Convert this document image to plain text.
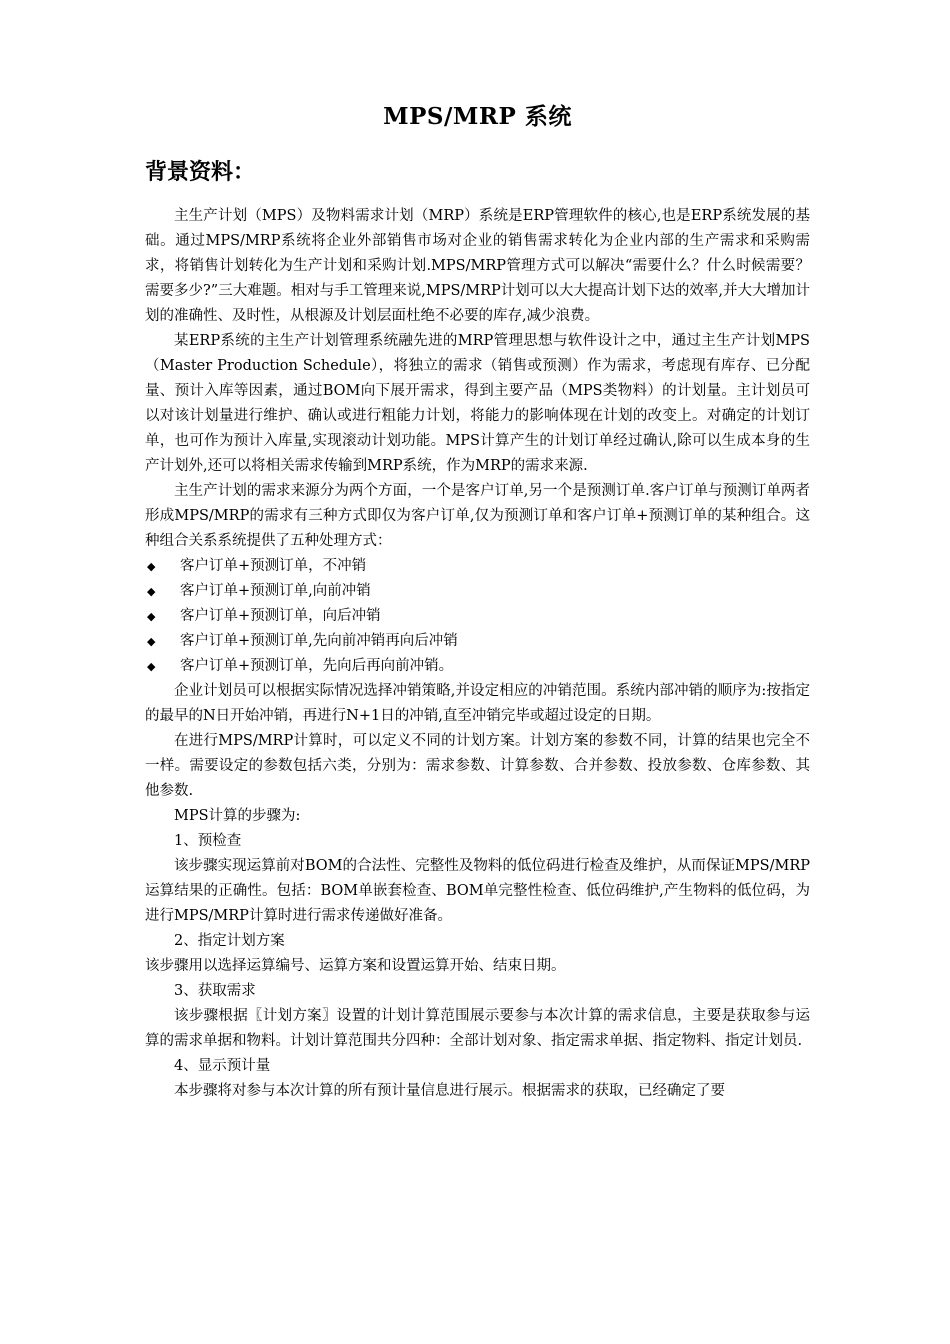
MPS/MRP 系统
背景资料：

主生产计划（MPS）及物料需求计划（MRP）系统是ERP管理软件的核心,也是ERP系统发展的基础。通过MPS/MRP系统将企业外部销售市场对企业的销售需求转化为企业内部的生产需求和采购需求，将销售计划转化为生产计划和采购计划.MPS/MRP管理方式可以解决“需要什么？什么时候需要？需要多少?”三大难题。相对与手工管理来说,MPS/MRP计划可以大大提高计划下达的效率,并大大增加计划的准确性、及时性，从根源及计划层面杜绝不必要的库存,减少浪费。

某ERP系统的主生产计划管理系统融先进的MRP管理思想与软件设计之中，通过主生产计划MPS（Master Production Schedule），将独立的需求（销售或预测）作为需求，考虑现有库存、已分配量、预计入库等因素，通过BOM向下展开需求，得到主要产品（MPS类物料）的计划量。主计划员可以对该计划量进行维护、确认或进行粗能力计划，将能力的影响体现在计划的改变上。对确定的计划订单，也可作为预计入库量,实现滚动计划功能。MPS计算产生的计划订单经过确认,除可以生成本身的生产计划外,还可以将相关需求传输到MRP系统，作为MRP的需求来源.

主生产计划的需求来源分为两个方面，一个是客户订单,另一个是预测订单.客户订单与预测订单两者形成MPS/MRP的需求有三种方式即仅为客户订单,仅为预测订单和客户订单+预测订单的某种组合。这种组合关系系统提供了五种处理方式：

◆	客户订单+预测订单，不冲销
◆	客户订单+预测订单,向前冲销
◆	客户订单+预测订单，向后冲销
◆	客户订单+预测订单,先向前冲销再向后冲销
◆	客户订单+预测订单，先向后再向前冲销。

企业计划员可以根据实际情况选择冲销策略,并设定相应的冲销范围。系统内部冲销的顺序为:按指定的最早的N日开始冲销，再进行N+1日的冲销,直至冲销完毕或超过设定的日期。

在进行MPS/MRP计算时，可以定义不同的计划方案。计划方案的参数不同，计算的结果也完全不一样。需要设定的参数包括六类，分别为：需求参数、计算参数、合并参数、投放参数、仓库参数、其他参数.

MPS计算的步骤为:

1、预检查

该步骤实现运算前对BOM的合法性、完整性及物料的低位码进行检查及维护，从而保证MPS/MRP运算结果的正确性。包括：BOM单嵌套检查、BOM单完整性检查、低位码维护,产生物料的低位码，为进行MPS/MRP计算时进行需求传递做好准备。

2、指定计划方案

该步骤用以选择运算编号、运算方案和设置运算开始、结束日期。

3、获取需求

该步骤根据〖计划方案〗设置的计划计算范围展示要参与本次计算的需求信息，主要是获取参与运算的需求单据和物料。计划计算范围共分四种：全部计划对象、指定需求单据、指定物料、指定计划员.

4、显示预计量

本步骤将对参与本次计算的所有预计量信息进行展示。根据需求的获取，已经确定了要
